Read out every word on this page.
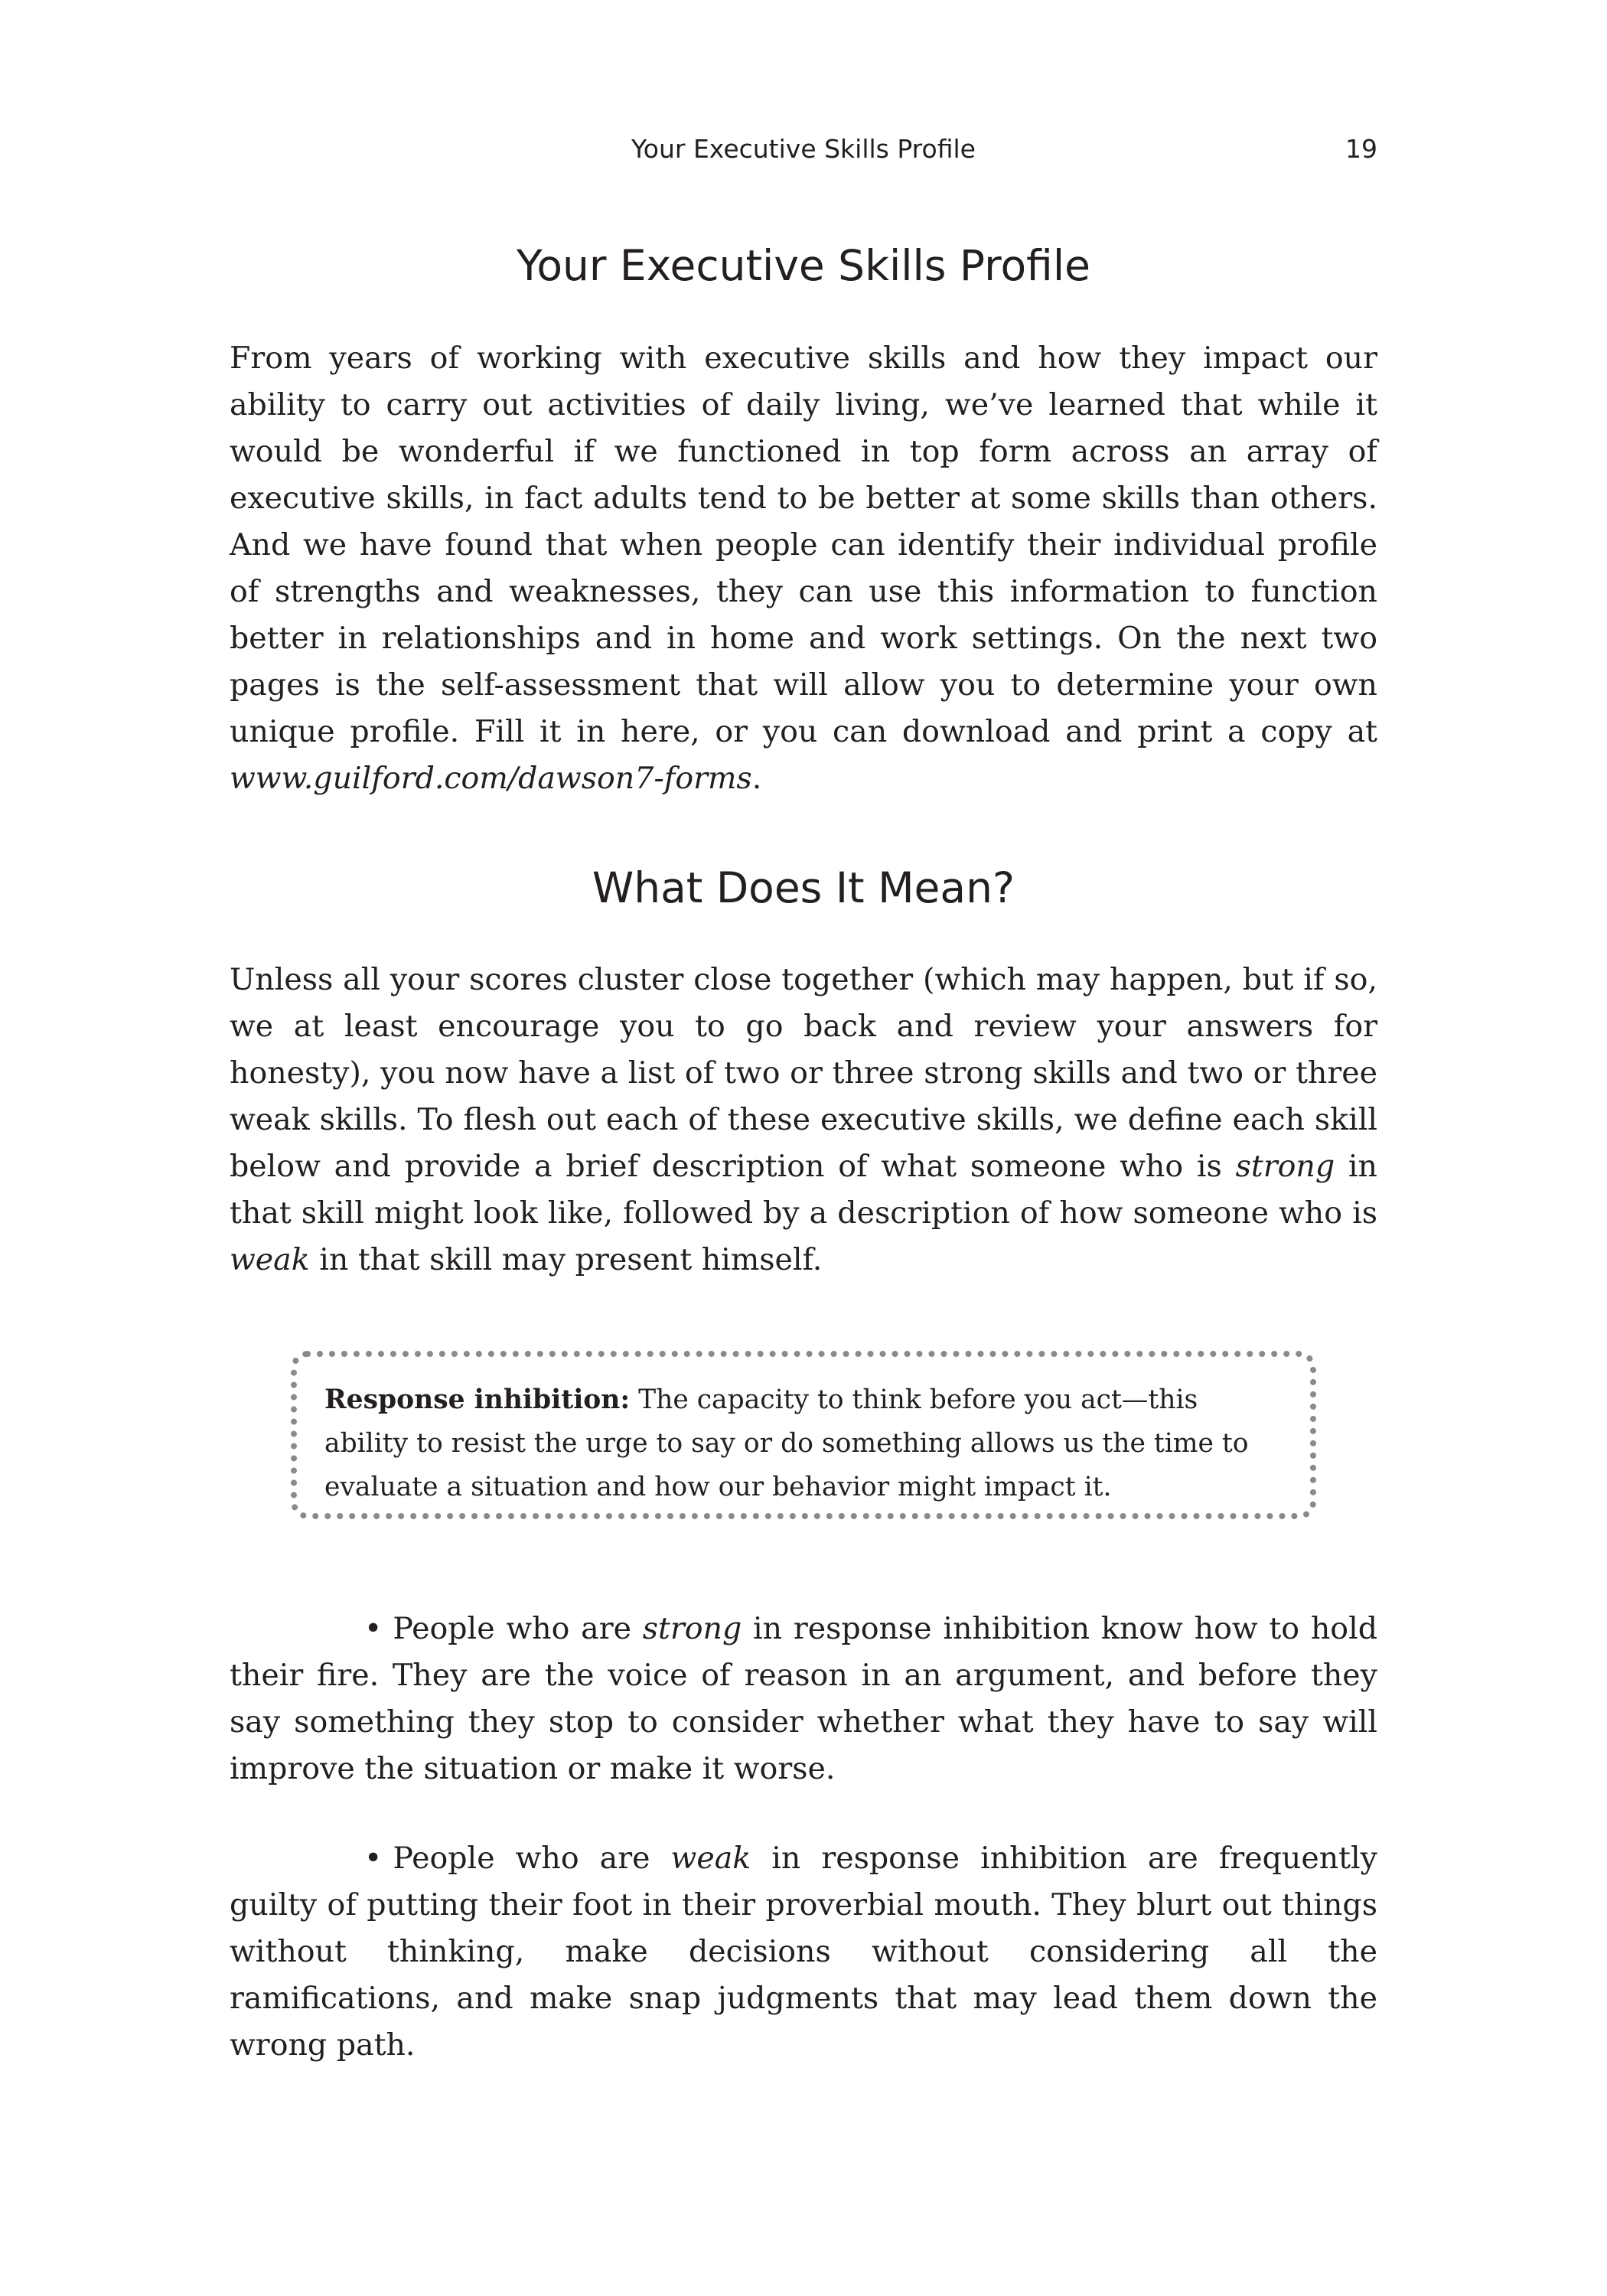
Your Executive Skills Profile	19
Your Executive Skills Profile

From years of working with executive skills and how they impact our ability to carry out activities of daily living, we’ve learned that while it would be wonderful if we functioned in top form across an array of executive skills, in fact adults tend to be better at some skills than others. And we have found that when people can identify their individual profile of strengths and weaknesses, they can use this information to function better in relationships and in home and work settings. On the next two pages is the self-assessment that will allow you to determine your own unique profile. Fill it in here, or you can download and print a copy at www.guilford.com/dawson7-forms.

What Does It Mean?

Unless all your scores cluster close together (which may happen, but if so, we at least encourage you to go back and review your answers for honesty), you now have a list of two or three strong skills and two or three weak skills. To flesh out each of these executive skills, we define each skill below and provide a brief description of what someone who is strong in that skill might look like, followed by a description of how someone who is weak in that skill may present himself.

Response inhibition: The capacity to think before you act—this ability to resist the urge to say or do something allows us the time to evaluate a situation and how our behavior might impact it.

• People who are strong in response inhibition know how to hold their fire. They are the voice of reason in an argument, and before they say something they stop to consider whether what they have to say will improve the situation or make it worse.

• People who are weak in response inhibition are frequently guilty of putting their foot in their proverbial mouth. They blurt out things without thinking, make decisions without considering all the ramifications, and make snap judgments that may lead them down the wrong path.
